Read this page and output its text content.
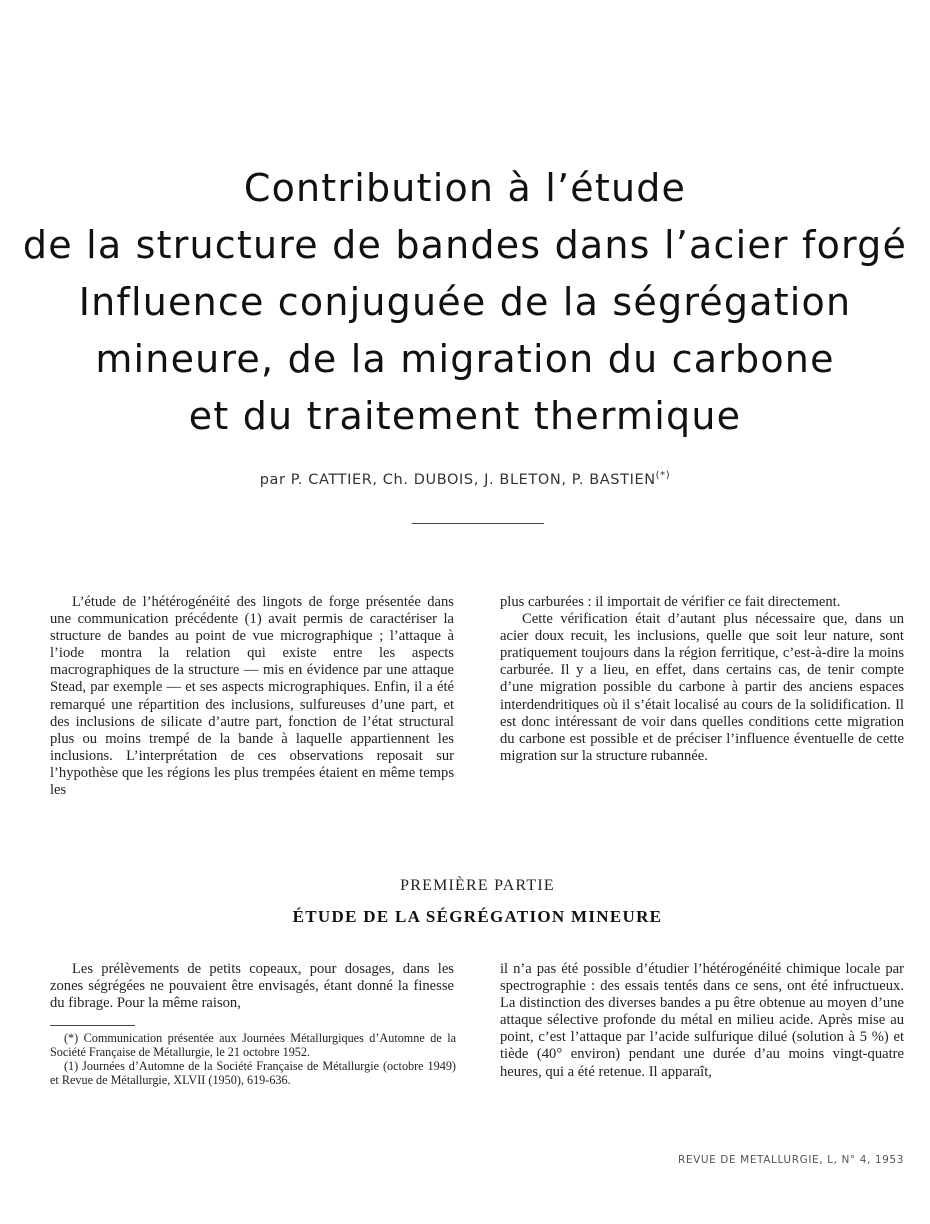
Contribution à l’étude
de la structure de bandes dans l’acier forgé
Influence conjuguée de la ségrégation
mineure, de la migration du carbone
et du traitement thermique
par P. CATTIER, Ch. DUBOIS, J. BLETON, P. BASTIEN(*)

L’étude de l’hétérogénéité des lingots de forge présentée dans une communication précédente (1) avait permis de caractériser la structure de bandes au point de vue micrographique ; l’attaque à l’iode montra la relation qui existe entre les aspects macrographiques de la structure — mis en évidence par une attaque Stead, par exemple — et ses aspects micrographiques. Enfin, il a été remarqué une répartition des inclusions, sulfureuses d’une part, et des inclusions de silicate d’autre part, fonction de l’état structural plus ou moins trempé de la bande à laquelle appartiennent les inclusions. L’interprétation de ces observations reposait sur l’hypothèse que les régions les plus trempées étaient en même temps les

plus carburées : il importait de vérifier ce fait directement.

Cette vérification était d’autant plus nécessaire que, dans un acier doux recuit, les inclusions, quelle que soit leur nature, sont pratiquement toujours dans la région ferritique, c’est-à-dire la moins carburée. Il y a lieu, en effet, dans certains cas, de tenir compte d’une migration possible du carbone à partir des anciens espaces interdendritiques où il s’était localisé au cours de la solidification. Il est donc intéressant de voir dans quelles conditions cette migration du carbone est possible et de préciser l’influence éventuelle de cette migration sur la structure rubannée.

PREMIÈRE PARTIE
ÉTUDE DE LA SÉGRÉGATION MINEURE

Les prélèvements de petits copeaux, pour dosages, dans les zones ségrégées ne pouvaient être envisagés, étant donné la finesse du fibrage. Pour la même raison,

il n’a pas été possible d’étudier l’hétérogénéité chimique locale par spectrographie : des essais tentés dans ce sens, ont été infructueux. La distinction des diverses bandes a pu être obtenue au moyen d’une attaque sélective profonde du métal en milieu acide. Après mise au point, c’est l’attaque par l’acide sulfurique dilué (solution à 5 %) et tiède (40° environ) pendant une durée d’au moins vingt-quatre heures, qui a été retenue. Il apparaît,

(*) Communication présentée aux Journées Métallurgiques d’Automne de la Société Française de Métallurgie, le 21 octobre 1952.

(1) Journées d’Automne de la Société Française de Métallurgie (octobre 1949) et Revue de Métallurgie, XLVII (1950), 619-636.

REVUE DE METALLURGIE, L, N° 4, 1953
